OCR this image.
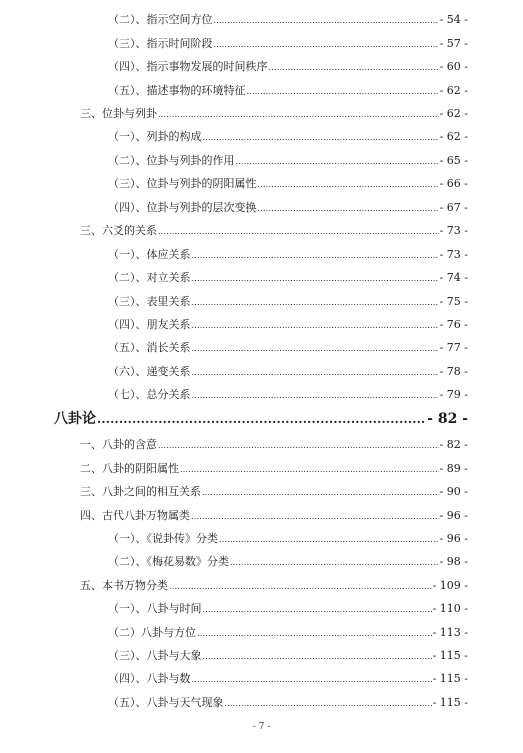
（二）、指示空间方位 .....	- 54 -
（三）、指示时间阶段 .....	- 57 -
（四）、指示事物发展的时间秩序 .....	- 60 -
（五）、描述事物的环境特征 .....	- 62 -
三、位卦与列卦 .....	- 62 -
（一）、列卦的构成 .....	- 62 -
（二）、位卦与列卦的作用 .....	- 65 -
（三）、位卦与列卦的阴阳属性 .....	- 66 -
（四）、位卦与列卦的层次变换 .....	- 67 -
三、六爻的关系 .....	- 73 -
（一）、体应关系 .....	- 73 -
（二）、对立关系 .....	- 74 -
（三）、表里关系 .....	- 75 -
（四）、朋友关系 .....	- 76 -
（五）、消长关系 .....	- 77 -
（六）、递变关系 .....	- 78 -
（七）、总分关系 .....	- 79 -
八卦论 .....	- 82 -
一、八卦的含意 .....	- 82 -
二、八卦的阴阳属性 .....	- 89 -
三、八卦之间的相互关系 .....	- 90 -
四、古代八卦万物属类 .....	- 96 -
（一）、《说卦传》分类 .....	- 96 -
（二）、《梅花易数》分类 .....	- 98 -
五、本书万物分类 .....	- 109 -
（一）、八卦与时间 .....	- 110 -
（二）八卦与方位 .....	- 113 -
（三）、八卦与大象 .....	- 115 -
（四）、八卦与数 .....	- 115 -
（五）、八卦与天气现象 .....	- 115 -
- 7 -
